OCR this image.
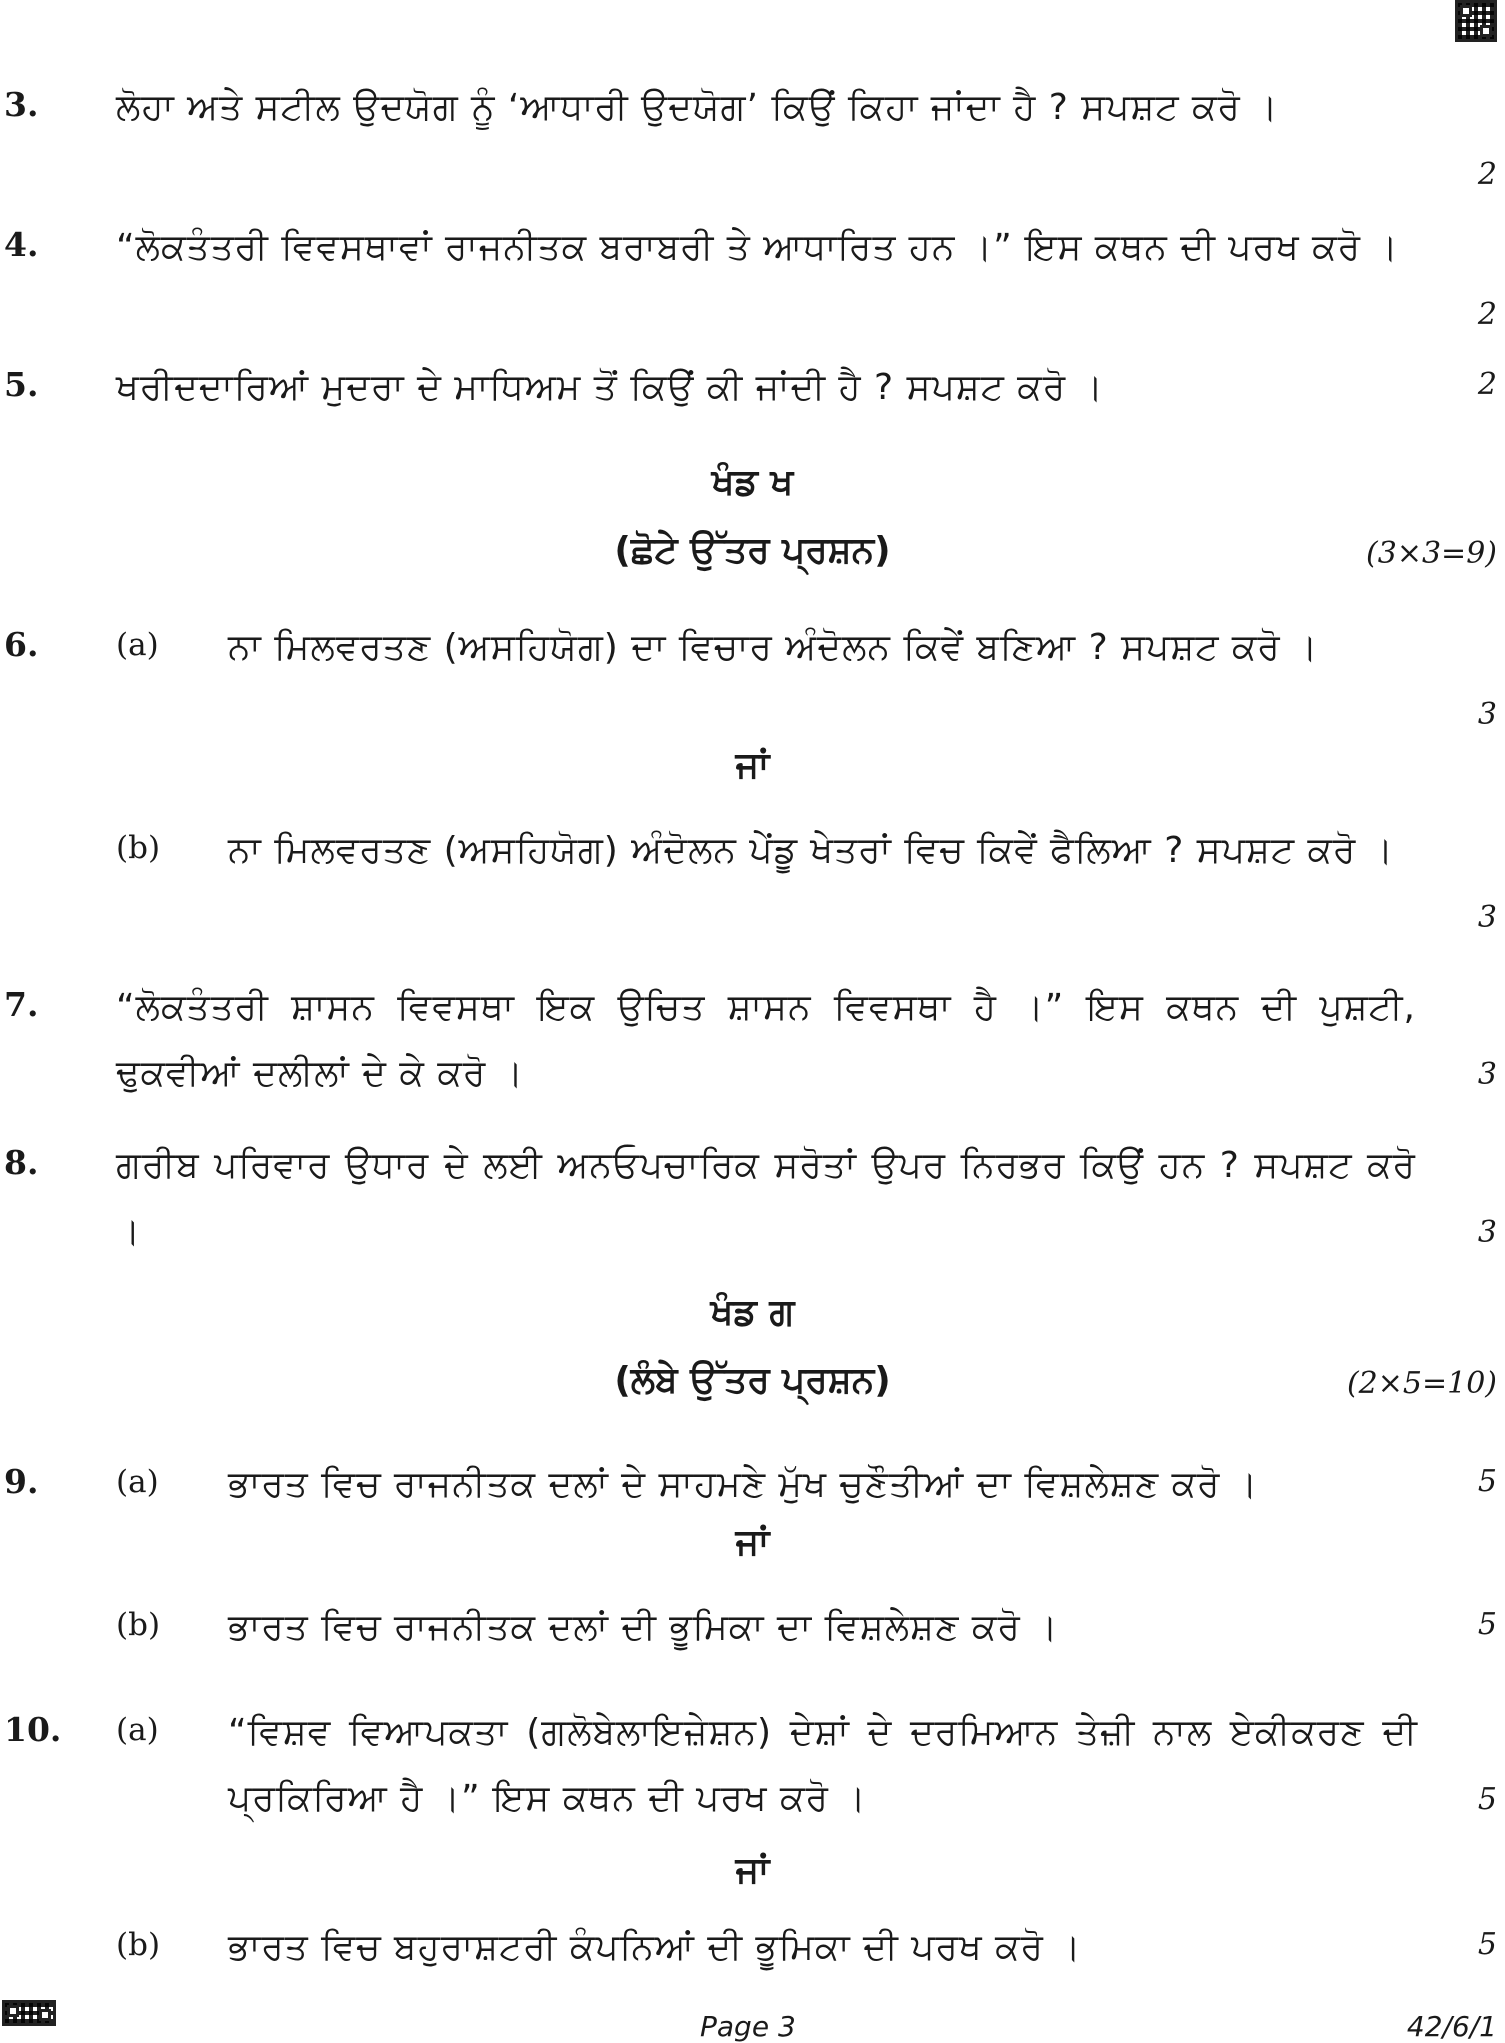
3. ਲੋਹਾ ਅਤੇ ਸਟੀਲ ਉਦਯੋਗ ਨੂੰ ‘ਆਧਾਰੀ ਉਦਯੋਗ’ ਕਿਉਂ ਕਿਹਾ ਜਾਂਦਾ ਹੈ ? ਸਪਸ਼ਟ ਕਰੋ ।
2
4. “ਲੋਕਤੰਤਰੀ ਵਿਵਸਥਾਵਾਂ ਰਾਜਨੀਤਕ ਬਰਾਬਰੀ ਤੇ ਆਧਾਰਿਤ ਹਨ ।” ਇਸ ਕਥਨ ਦੀ ਪਰਖ ਕਰੋ ।
2
5. ਖਰੀਦਦਾਰਿਆਂ ਮੁਦਰਾ ਦੇ ਮਾਧਿਅਮ ਤੋਂ ਕਿਉਂ ਕੀ ਜਾਂਦੀ ਹੈ ? ਸਪਸ਼ਟ ਕਰੋ ।	2
ਖੰਡ ਖ
(ਛੋਟੇ ਉੱਤਰ ਪ੍ਰਸ਼ਨ)	(3×3=9)
6.	(a) ਨਾ ਮਿਲਵਰਤਣ (ਅਸਹਿਯੋਗ) ਦਾ ਵਿਚਾਰ ਅੰਦੋਲਨ ਕਿਵੇਂ ਬਣਿਆ ? ਸਪਸ਼ਟ ਕਰੋ ।
3
ਜਾਂ
(b) ਨਾ ਮਿਲਵਰਤਣ (ਅਸਹਿਯੋਗ) ਅੰਦੋਲਨ ਪੇਂਡੂ ਖੇਤਰਾਂ ਵਿਚ ਕਿਵੇਂ ਫੈਲਿਆ ? ਸਪਸ਼ਟ ਕਰੋ ।
3
7. “ਲੋਕਤੰਤਰੀ ਸ਼ਾਸਨ ਵਿਵਸਥਾ ਇਕ ਉਚਿਤ ਸ਼ਾਸਨ ਵਿਵਸਥਾ ਹੈ ।” ਇਸ ਕਥਨ ਦੀ ਪੁਸ਼ਟੀ, ਢੁਕਵੀਆਂ ਦਲੀਲਾਂ ਦੇ ਕੇ ਕਰੋ ।	3
8. ਗਰੀਬ ਪਰਿਵਾਰ ਉਧਾਰ ਦੇ ਲਈ ਅਨਓਪਚਾਰਿਕ ਸਰੋਤਾਂ ਉਪਰ ਨਿਰਭਰ ਕਿਉਂ ਹਨ ? ਸਪਸ਼ਟ ਕਰੋ ।	3
ਖੰਡ ਗ
(ਲੰਬੇ ਉੱਤਰ ਪ੍ਰਸ਼ਨ)	(2×5=10)
9.	(a) ਭਾਰਤ ਵਿਚ ਰਾਜਨੀਤਕ ਦਲਾਂ ਦੇ ਸਾਹਮਣੇ ਮੁੱਖ ਚੁਣੌਤੀਆਂ ਦਾ ਵਿਸ਼ਲੇਸ਼ਣ ਕਰੋ ।	5
ਜਾਂ
(b) ਭਾਰਤ ਵਿਚ ਰਾਜਨੀਤਕ ਦਲਾਂ ਦੀ ਭੂਮਿਕਾ ਦਾ ਵਿਸ਼ਲੇਸ਼ਣ ਕਰੋ ।	5
10. (a) “ਵਿਸ਼ਵ ਵਿਆਪਕਤਾ (ਗਲੋਬੇਲਾਇਜ਼ੇਸ਼ਨ) ਦੇਸ਼ਾਂ ਦੇ ਦਰਮਿਆਨ ਤੇਜ਼ੀ ਨਾਲ ਏਕੀਕਰਣ ਦੀ ਪ੍ਰਕਿਰਿਆ ਹੈ ।” ਇਸ ਕਥਨ ਦੀ ਪਰਖ ਕਰੋ ।	5
ਜਾਂ
(b) ਭਾਰਤ ਵਿਚ ਬਹੁਰਾਸ਼ਟਰੀ ਕੰਪਨਿਆਂ ਦੀ ਭੂਮਿਕਾ ਦੀ ਪਰਖ ਕਰੋ ।	5
Page 3	42/6/1
